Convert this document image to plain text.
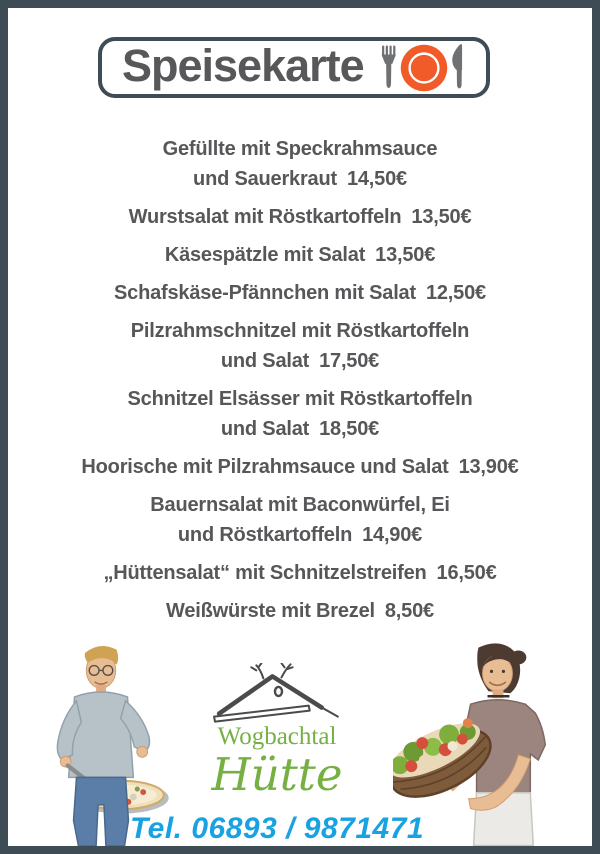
Speisekarte
Gefüllte mit Speckrahmsauce
und Sauerkraut 14,50€
Wurstsalat mit Röstkartoffeln 13,50€
Käsespätzle mit Salat 13,50€
Schafskäse-Pfännchen mit Salat 12,50€
Pilzrahmschnitzel mit Röstkartoffeln
und Salat 17,50€
Schnitzel Elsässer mit Röstkartoffeln
und Salat 18,50€
Hoorische mit Pilzrahmsauce und Salat 13,90€
Bauernsalat mit Baconwürfel, Ei
und Röstkartoffeln 14,90€
„Hüttensalat“ mit Schnitzelstreifen 16,50€
Weißwürste mit Brezel 8,50€
Wogbachtal
Hütte
Tel. 06893 / 9871471
